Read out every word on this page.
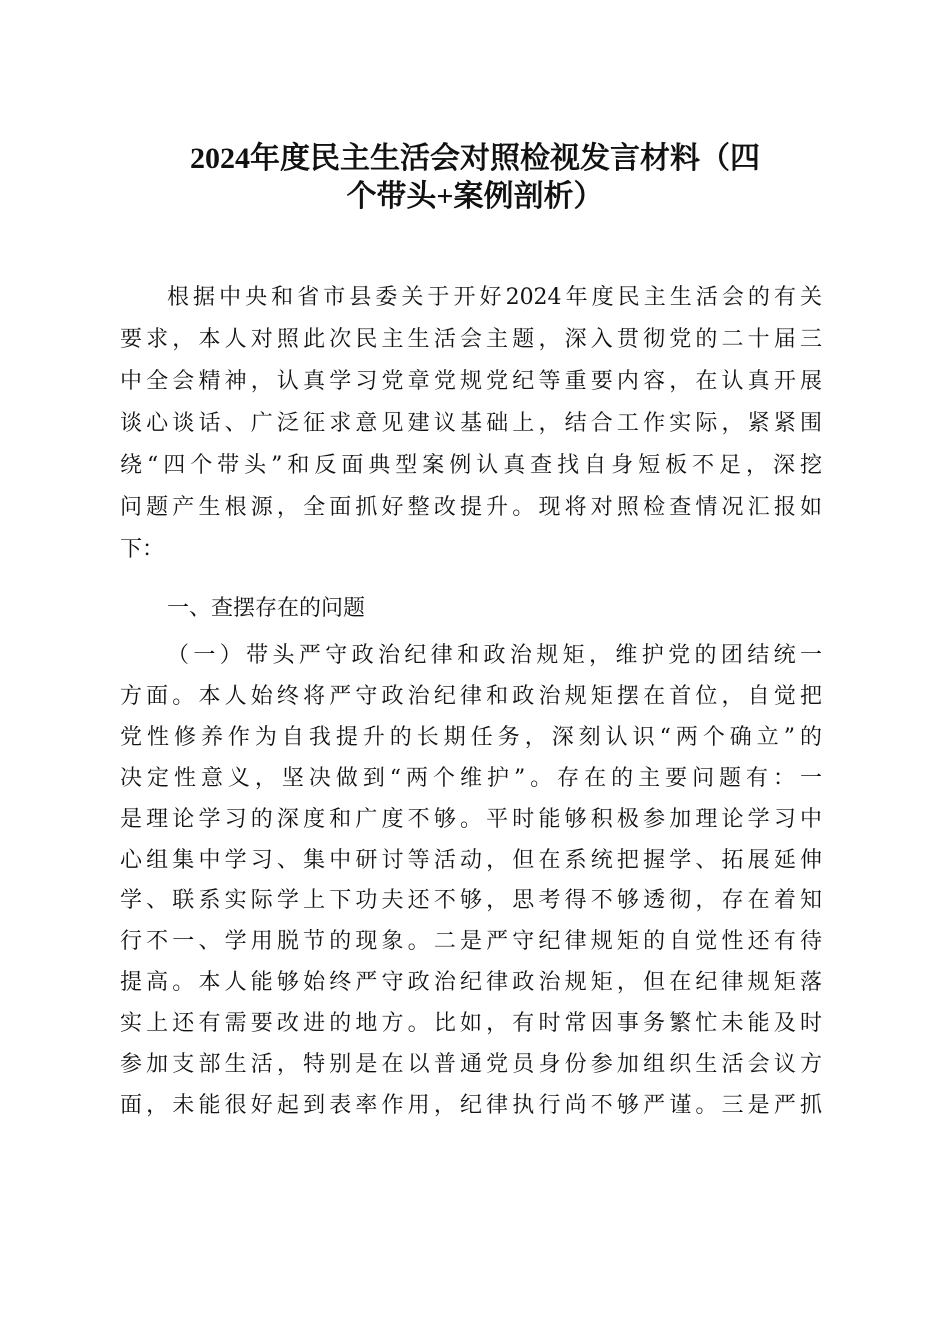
2024年度民主生活会对照检视发言材料（四
个带头+案例剖析）
根据中央和省市县委关于开好2024年度民主生活会的有关
要求，本人对照此次民主生活会主题，深入贯彻党的二十届三
中全会精神，认真学习党章党规党纪等重要内容，在认真开展
谈心谈话、广泛征求意见建议基础上，结合工作实际，紧紧围
绕“四个带头”和反面典型案例认真查找自身短板不足，深挖
问题产生根源，全面抓好整改提升。现将对照检查情况汇报如
下：
一、查摆存在的问题
（一）带头严守政治纪律和政治规矩，维护党的团结统一
方面。本人始终将严守政治纪律和政治规矩摆在首位，自觉把
党性修养作为自我提升的长期任务，深刻认识“两个确立”的
决定性意义，坚决做到“两个维护”。存在的主要问题有：一
是理论学习的深度和广度不够。平时能够积极参加理论学习中
心组集中学习、集中研讨等活动，但在系统把握学、拓展延伸
学、联系实际学上下功夫还不够，思考得不够透彻，存在着知
行不一、学用脱节的现象。二是严守纪律规矩的自觉性还有待
提高。本人能够始终严守政治纪律政治规矩，但在纪律规矩落
实上还有需要改进的地方。比如，有时常因事务繁忙未能及时
参加支部生活，特别是在以普通党员身份参加组织生活会议方
面，未能很好起到表率作用，纪律执行尚不够严谨。三是严抓
